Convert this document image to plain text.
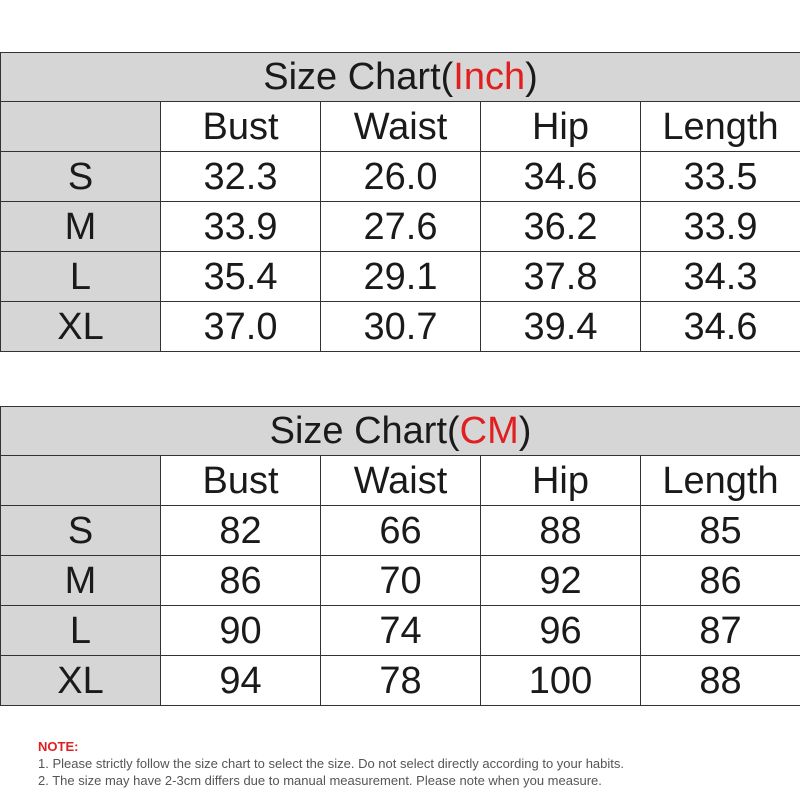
Size Chart(Inch)				
	Bust	Waist	Hip	Length
S	32.3	26.0	34.6	33.5
M	33.9	27.6	36.2	33.9
L	35.4	29.1	37.8	34.3
XL	37.0	30.7	39.4	34.6
Size Chart(CM)				
	Bust	Waist	Hip	Length
S	82	66	88	85
M	86	70	92	86
L	90	74	96	87
XL	94	78	100	88
NOTE:
1. Please strictly follow the size chart to select the size. Do not select directly according to your habits.
2. The size may have 2-3cm differs due to manual measurement. Please note when you measure.
